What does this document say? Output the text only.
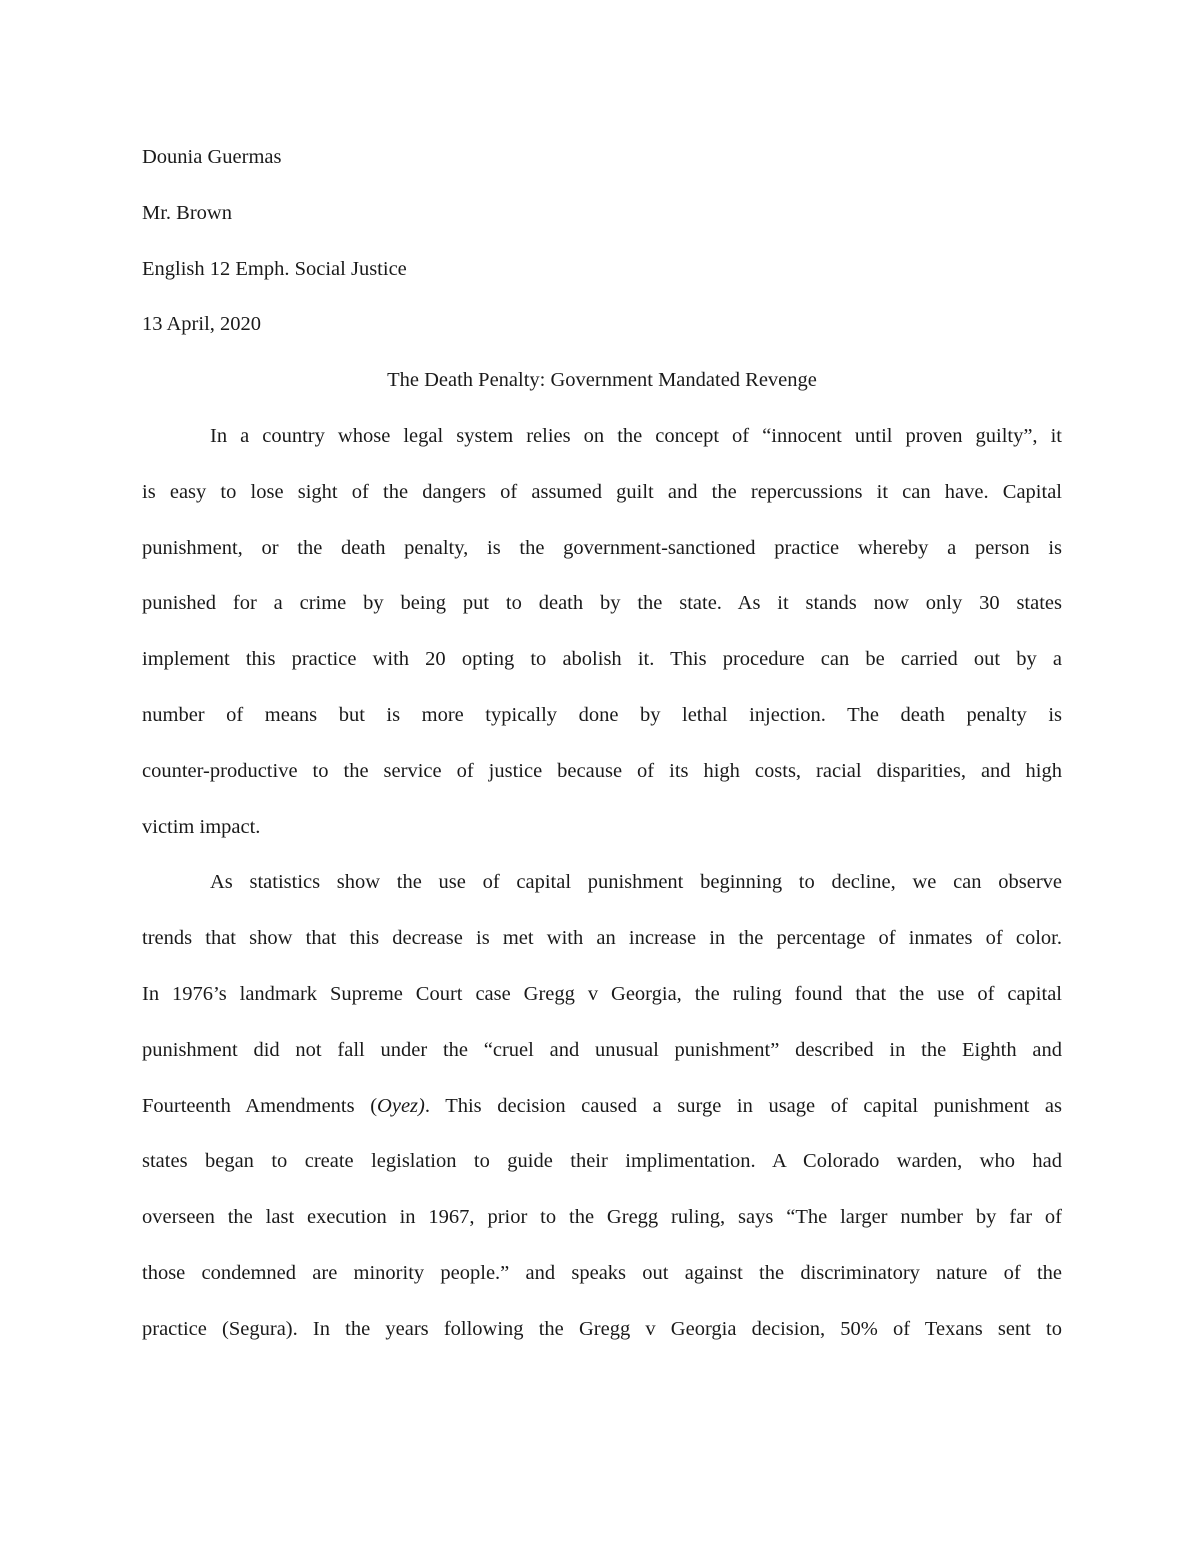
Dounia Guermas
Mr. Brown
English 12 Emph. Social Justice
13 April, 2020
The Death Penalty: Government Mandated Revenge
In a country whose legal system relies on the concept of “innocent until proven guilty”, it
is easy to lose sight of the dangers of assumed guilt and the repercussions it can have. Capital
punishment, or the death penalty, is the government-sanctioned practice whereby a person is
punished for a crime by being put to death by the state. As it stands now only 30 states
implement this practice with 20 opting to abolish it. This procedure can be carried out by a
number of means but is more typically done by lethal injection. The death penalty is
counter-productive to the service of justice because of its high costs, racial disparities, and high
victim impact.
As statistics show the use of capital punishment beginning to decline, we can observe
trends that show that this decrease is met with an increase in the percentage of inmates of color.
In 1976’s landmark Supreme Court case Gregg v Georgia, the ruling found that the use of capital
punishment did not fall under the “cruel and unusual punishment” described in the Eighth and
Fourteenth Amendments (Oyez). This decision caused a surge in usage of capital punishment as
states began to create legislation to guide their implimentation. A Colorado warden, who had
overseen the last execution in 1967, prior to the Gregg ruling, says “The larger number by far of
those condemned are minority people.” and speaks out against the discriminatory nature of the
practice (Segura). In the years following the Gregg v Georgia decision, 50% of Texans sent to
